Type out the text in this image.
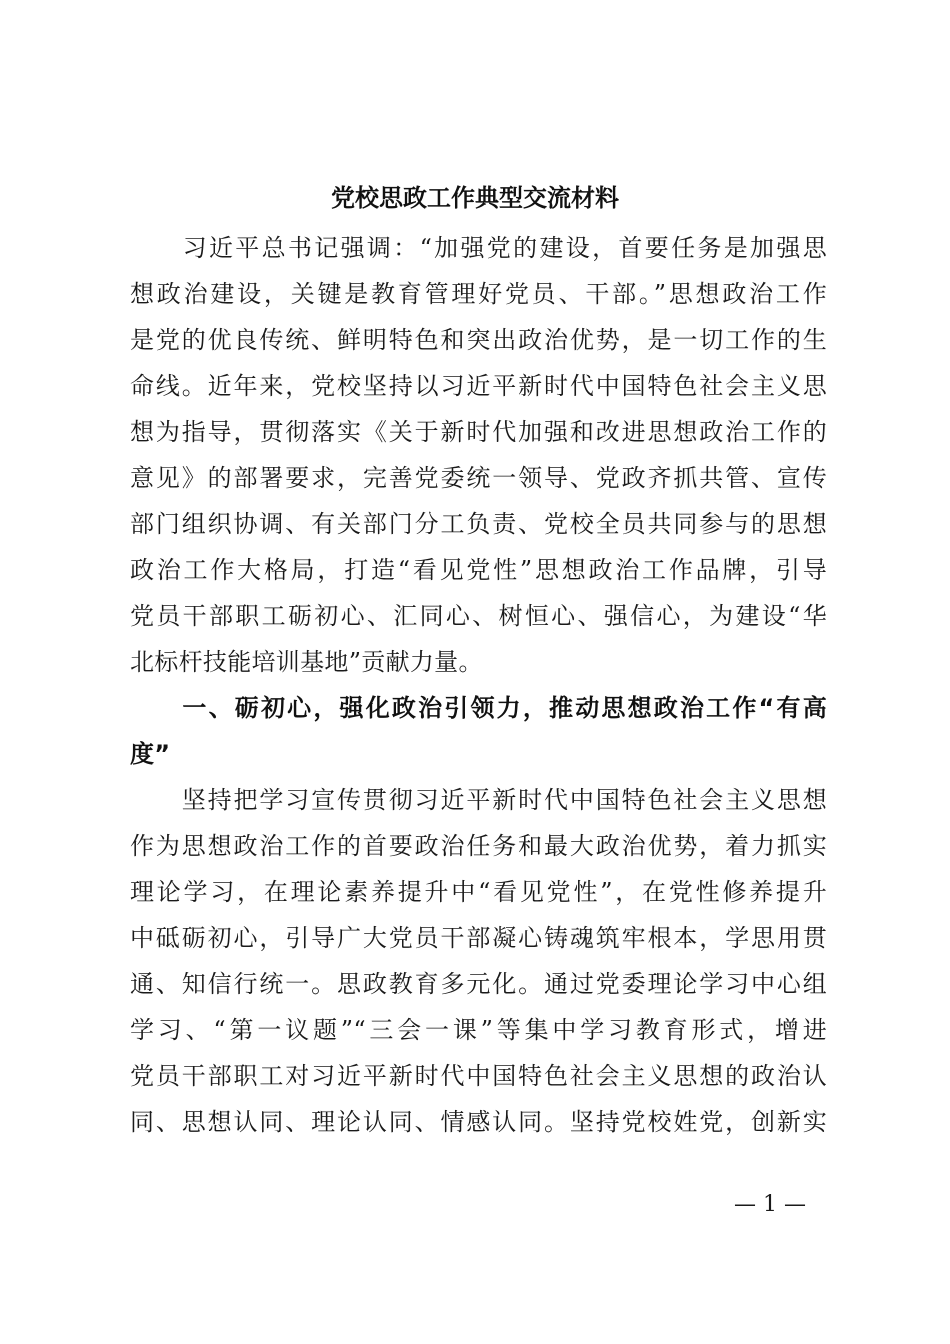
党校思政工作典型交流材料

　　习近平总书记强调：“加强党的建设，首要任务是加强思

想政治建设，关键是教育管理好党员、干部。”思想政治工作

是党的优良传统、鲜明特色和突出政治优势，是一切工作的生

命线。近年来，党校坚持以习近平新时代中国特色社会主义思

想为指导，贯彻落实《关于新时代加强和改进思想政治工作的

意见》的部署要求，完善党委统一领导、党政齐抓共管、宣传

部门组织协调、有关部门分工负责、党校全员共同参与的思想

政治工作大格局，打造“看见党性”思想政治工作品牌，引导

党员干部职工砺初心、汇同心、树恒心、强信心，为建设“华

北标杆技能培训基地”贡献力量。

　　一、砺初心，强化政治引领力，推动思想政治工作“有高

度”

　　坚持把学习宣传贯彻习近平新时代中国特色社会主义思想

作为思想政治工作的首要政治任务和最大政治优势，着力抓实

理论学习，在理论素养提升中“看见党性”，在党性修养提升

中砥砺初心，引导广大党员干部凝心铸魂筑牢根本，学思用贯

通、知信行统一。思政教育多元化。通过党委理论学习中心组

学习、“第一议题”“三会一课”等集中学习教育形式，增进

党员干部职工对习近平新时代中国特色社会主义思想的政治认

同、思想认同、理论认同、情感认同。坚持党校姓党，创新实

— 1 —
